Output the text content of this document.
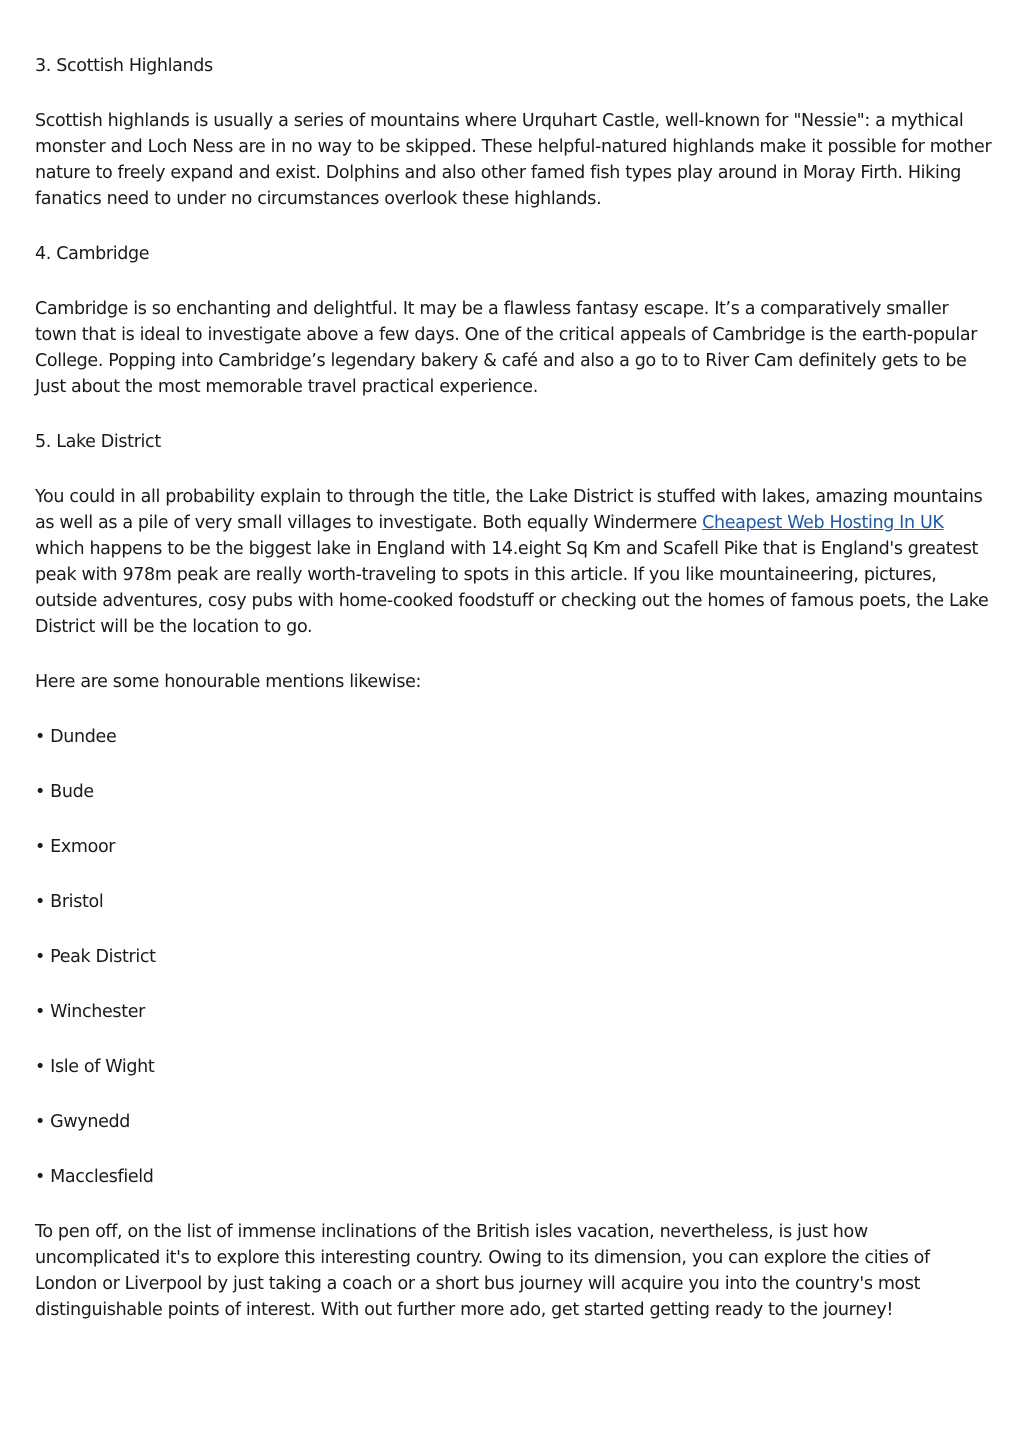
3. Scottish Highlands

Scottish highlands is usually a series of mountains where Urquhart Castle, well-known for "Nessie": a mythical monster and Loch Ness are in no way to be skipped. These helpful-natured highlands make it possible for mother nature to freely expand and exist. Dolphins and also other famed fish types play around in Moray Firth. Hiking fanatics need to under no circumstances overlook these highlands.

4. Cambridge

Cambridge is so enchanting and delightful. It may be a flawless fantasy escape. It’s a comparatively smaller town that is ideal to investigate above a few days. One of the critical appeals of Cambridge is the earth-popular College. Popping into Cambridge’s legendary bakery & café and also a go to to River Cam definitely gets to be Just about the most memorable travel practical experience.

5. Lake District

You could in all probability explain to through the title, the Lake District is stuffed with lakes, amazing mountains as well as a pile of very small villages to investigate. Both equally Windermere Cheapest Web Hosting In UK which happens to be the biggest lake in England with 14.eight Sq Km and Scafell Pike that is England's greatest peak with 978m peak are really worth-traveling to spots in this article. If you like mountaineering, pictures, outside adventures, cosy pubs with home-cooked foodstuff or checking out the homes of famous poets, the Lake District will be the location to go.

Here are some honourable mentions likewise:

• Dundee

• Bude

• Exmoor

• Bristol

• Peak District

• Winchester

• Isle of Wight

• Gwynedd

• Macclesfield

To pen off, on the list of immense inclinations of the British isles vacation, nevertheless, is just how uncomplicated it's to explore this interesting country. Owing to its dimension, you can explore the cities of London or Liverpool by just taking a coach or a short bus journey will acquire you into the country's most distinguishable points of interest. With out further more ado, get started getting ready to the journey!
